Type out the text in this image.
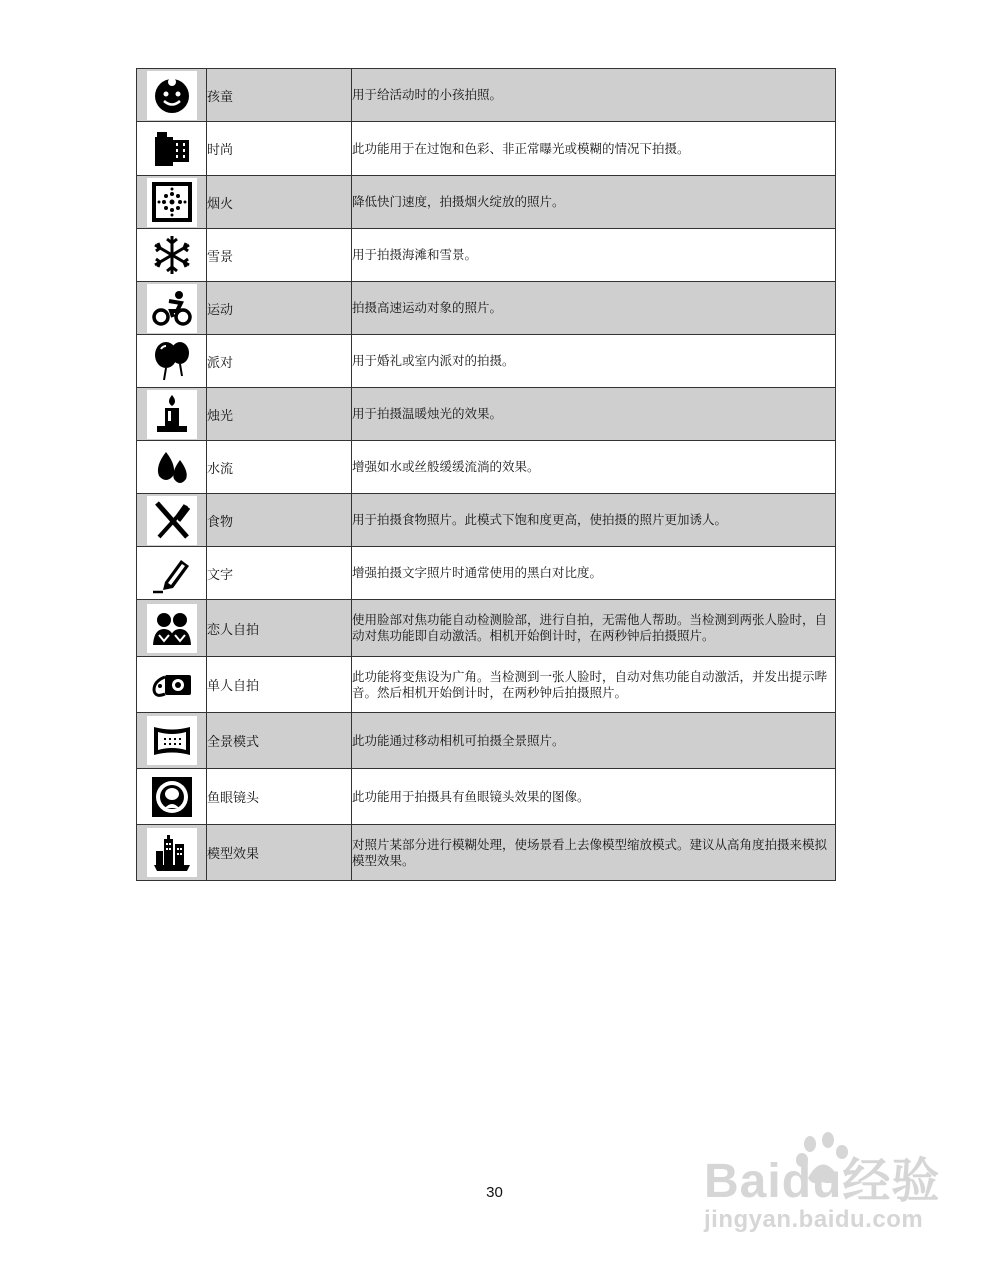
	孩童	用于给活动时的小孩拍照。

	时尚	此功能用于在过饱和色彩、非正常曝光或模糊的情况下拍摄。

	烟火	降低快门速度，拍摄烟火绽放的照片。

	雪景	用于拍摄海滩和雪景。

	运动	拍摄高速运动对象的照片。

	派对	用于婚礼或室内派对的拍摄。

	烛光	用于拍摄温暖烛光的效果。

	水流	增强如水或丝般缓缓流淌的效果。

	食物	用于拍摄食物照片。此模式下饱和度更高，使拍摄的照片更加诱人。

	文字	增强拍摄文字照片时通常使用的黑白对比度。

	恋人自拍	使用脸部对焦功能自动检测脸部，进行自拍，无需他人帮助。当检测到两张人脸时，自动对焦功能即自动激活。相机开始倒计时，在两秒钟后拍摄照片。

	单人自拍	此功能将变焦设为广角。当检测到一张人脸时，自动对焦功能自动激活，并发出提示哔音。然后相机开始倒计时，在两秒钟后拍摄照片。

	全景模式	此功能通过移动相机可拍摄全景照片。

	鱼眼镜头	此功能用于拍摄具有鱼眼镜头效果的图像。

	模型效果	对照片某部分进行模糊处理，使场景看上去像模型缩放模式。建议从高角度拍摄来模拟模型效果。
30	Baidu经验
jingyan.baidu.com
